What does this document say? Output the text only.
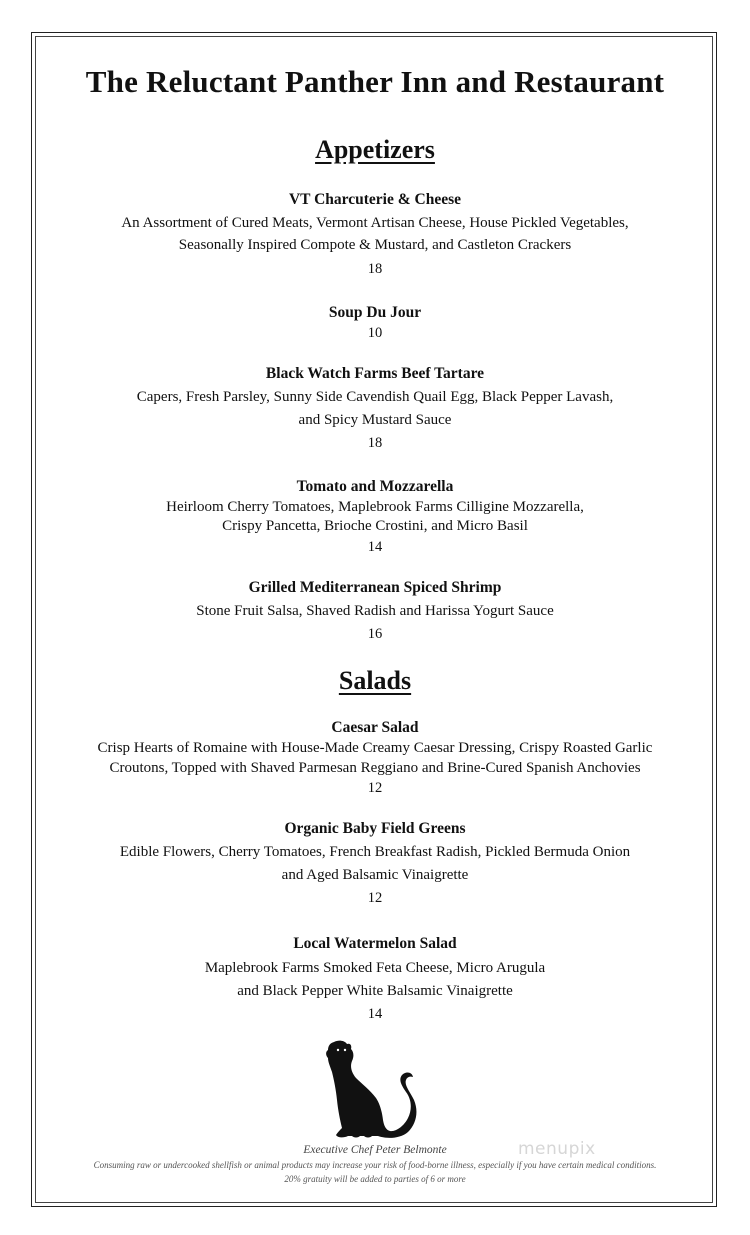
The Reluctant Panther Inn and Restaurant
Appetizers
VT Charcuterie & Cheese
An Assortment of Cured Meats, Vermont Artisan Cheese, House Pickled Vegetables,
Seasonally Inspired Compote & Mustard, and Castleton Crackers
18
Soup Du Jour
10
Black Watch Farms Beef Tartare
Capers, Fresh Parsley, Sunny Side Cavendish Quail Egg, Black Pepper Lavash,
and Spicy Mustard Sauce
18
Tomato and Mozzarella
Heirloom Cherry Tomatoes, Maplebrook Farms Cilligine Mozzarella,
Crispy Pancetta, Brioche Crostini, and Micro Basil
14
Grilled Mediterranean Spiced Shrimp
Stone Fruit Salsa, Shaved Radish and Harissa Yogurt Sauce
16
Salads
Caesar Salad
Crisp Hearts of Romaine with House-Made Creamy Caesar Dressing, Crispy Roasted Garlic
Croutons, Topped with Shaved Parmesan Reggiano and Brine-Cured Spanish Anchovies
12
Organic Baby Field Greens
Edible Flowers, Cherry Tomatoes, French Breakfast Radish, Pickled Bermuda Onion
and Aged Balsamic Vinaigrette
12
Local Watermelon Salad
Maplebrook Farms Smoked Feta Cheese, Micro Arugula
and Black Pepper White Balsamic Vinaigrette
14
menupix
Executive Chef Peter Belmonte
Consuming raw or undercooked shellfish or animal products may increase your risk of food-borne illness, especially if you have certain medical conditions.
20% gratuity will be added to parties of 6 or more
